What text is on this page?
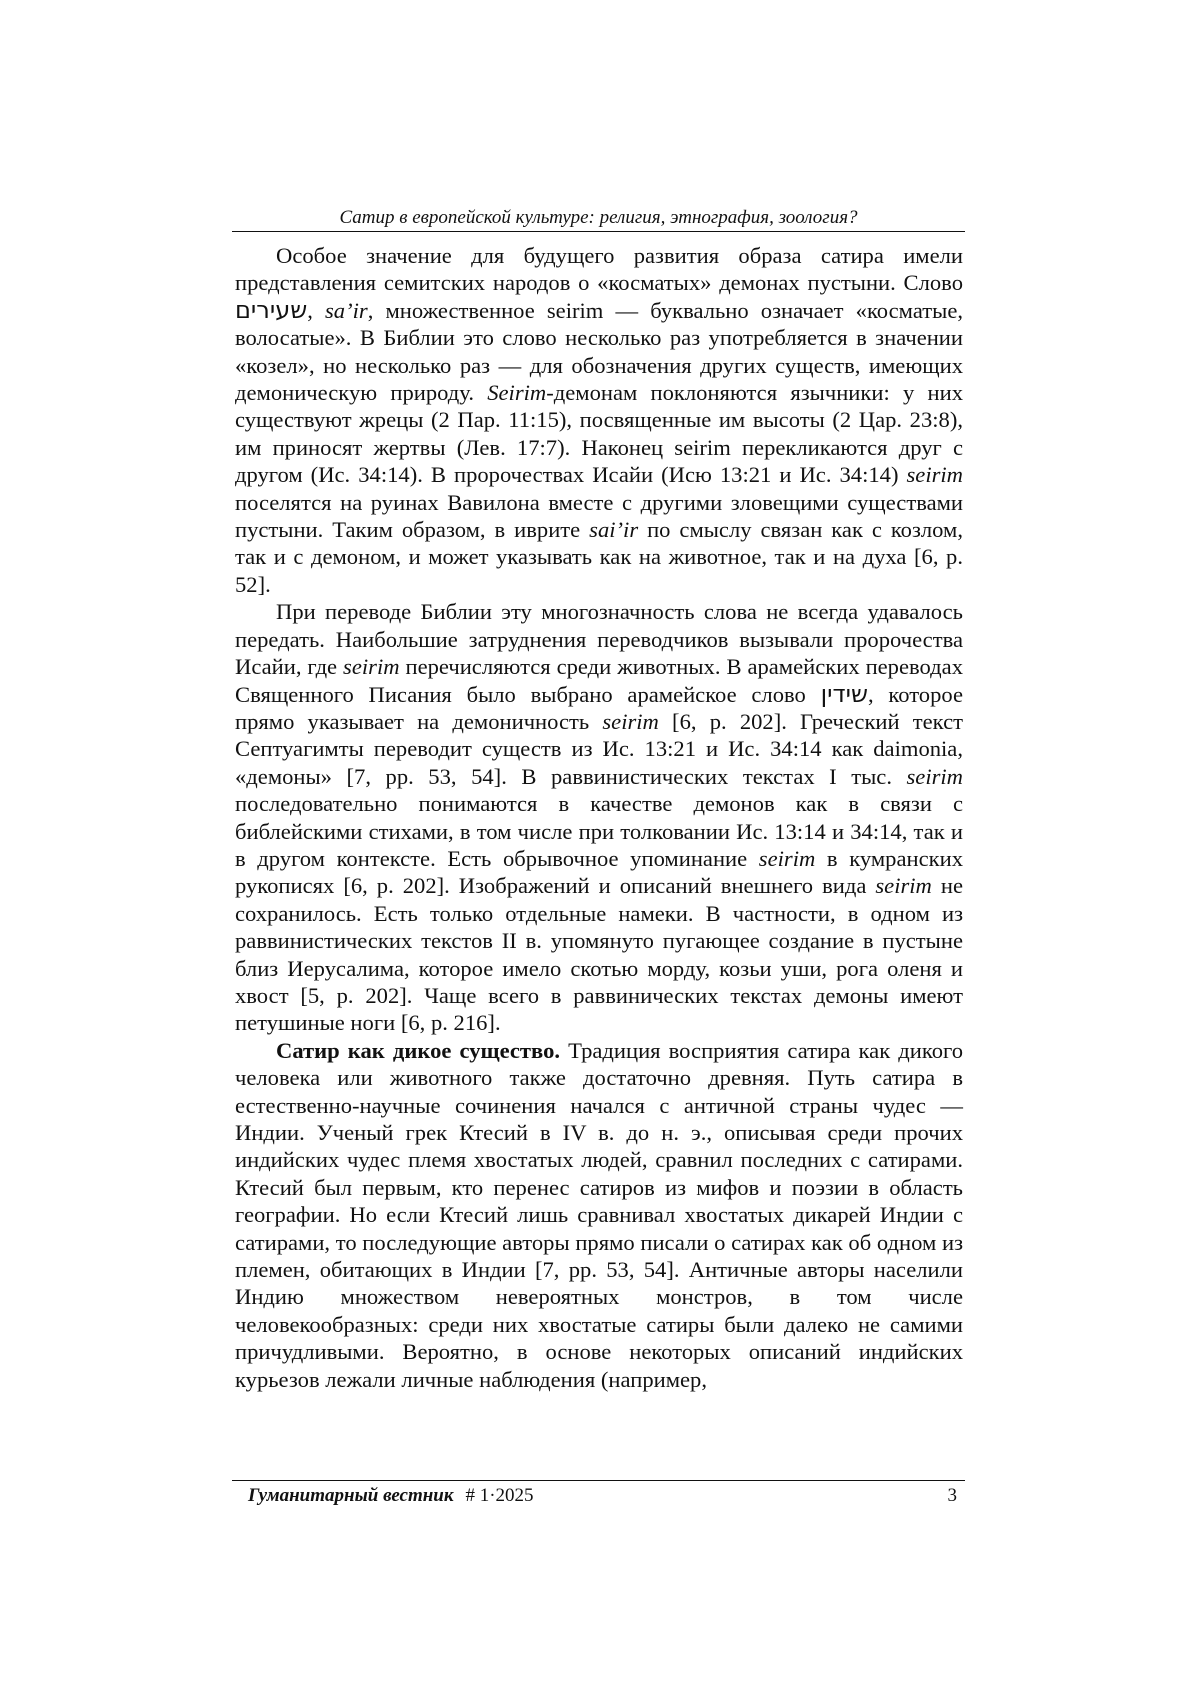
Сатир в европейской культуре: религия, этнография, зоология?

Особое значение для будущего развития образа сатира имели представления семитских народов о «косматых» демонах пустыни. Слово שעירים, sa’ir, множественное seirim — буквально означает «косматые, волосатые». В Библии это слово несколько раз употребляется в значении «козел», но несколько раз — для обозначения других существ, имеющих демоническую природу. Seirim-демонам поклоняются язычники: у них существуют жрецы (2 Пар. 11:15), посвященные им высоты (2 Цар. 23:8), им приносят жертвы (Лев. 17:7). Наконец seirim перекликаются друг с другом (Ис. 34:14). В пророчествах Исайи (Исю 13:21 и Ис. 34:14) seirim поселятся на руинах Вавилона вместе с другими зловещими существами пустыни. Таким образом, в иврите sai’ir по смыслу связан как с козлом, так и с демоном, и может указывать как на животное, так и на духа [6, p. 52].

При переводе Библии эту многозначность слова не всегда удавалось передать. Наибольшие затруднения переводчиков вызывали пророчества Исайи, где seirim перечисляются среди животных. В арамейских переводах Священного Писания было выбрано арамейское слово שידין, которое прямо указывает на демоничность seirim [6, p. 202]. Греческий текст Септуагимты переводит существ из Ис. 13:21 и Ис. 34:14 как daimonia, «демоны» [7, pp. 53, 54]. В раввинистических текстах I тыс. seirim последовательно понимаются в качестве демонов как в связи с библейскими стихами, в том числе при толковании Ис. 13:14 и 34:14, так и в другом контексте. Есть обрывочное упоминание seirim в кумранских рукописях [6, p. 202]. Изображений и описаний внешнего вида seirim не сохранилось. Есть только отдельные намеки. В частности, в одном из раввинистических текстов II в. упомянуто пугающее создание в пустыне близ Иерусалима, которое имело скотью морду, козьи уши, рога оленя и хвост [5, p. 202]. Чаще всего в раввинических текстах демоны имеют петушиные ноги [6, p. 216].

Сатир как дикое существо. Традиция восприятия сатира как дикого человека или животного также достаточно древняя. Путь сатира в естественно-научные сочинения начался с античной страны чудес — Индии. Ученый грек Ктесий в IV в. до н. э., описывая среди прочих индийских чудес племя хвостатых людей, сравнил последних с сатирами. Ктесий был первым, кто перенес сатиров из мифов и поэзии в область географии. Но если Ктесий лишь сравнивал хвостатых дикарей Индии с сатирами, то последующие авторы прямо писали о сатирах как об одном из племен, обитающих в Индии [7, pp. 53, 54]. Античные авторы населили Индию множеством невероятных монстров, в том числе человекообразных: среди них хвостатые сатиры были далеко не самими причудливыми. Вероятно, в основе некоторых описаний индийских курьезов лежали личные наблюдения (например,

Гуманитарный вестник # 1·2025	3
